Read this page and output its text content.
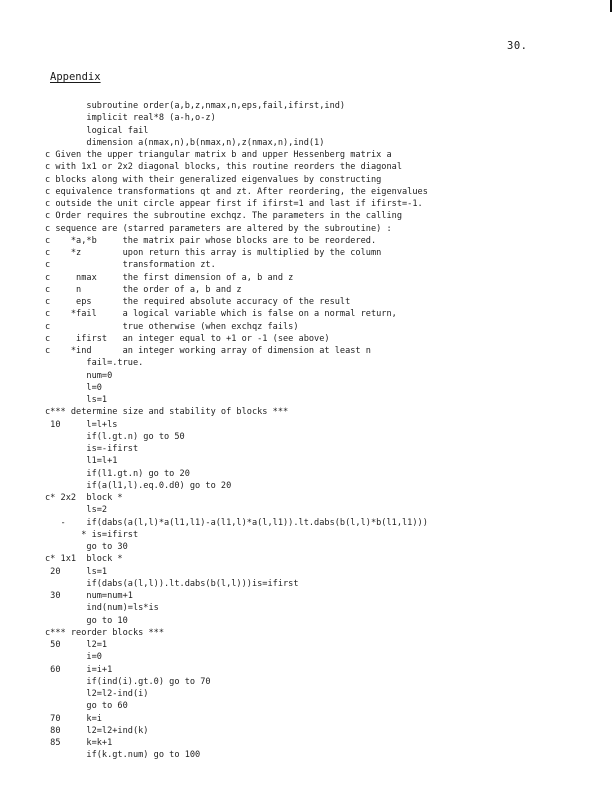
30.
Appendix
subroutine order(a,b,z,nmax,n,eps,fail,ifirst,ind)
implicit real*8 (a-h,o-z)
logical fail
dimension a(nmax,n),b(nmax,n),z(nmax,n),ind(1)
c Given the upper triangular matrix b and upper Hessenberg matrix a
c with 1x1 or 2x2 diagonal blocks, this routine reorders the diagonal
c blocks along with their generalized eigenvalues by constructing
c equivalence transformations qt and zt. After reordering, the eigenvalues
c outside the unit circle appear first if ifirst=1 and last if ifirst=-1.
c Order requires the subroutine exchqz. The parameters in the calling
c sequence are (starred parameters are altered by the subroutine) :
c    *a,*b     the matrix pair whose blocks are to be reordered.
c    *z        upon return this array is multiplied by the column
c              transformation zt.
c     nmax     the first dimension of a, b and z
c     n        the order of a, b and z
c     eps      the required absolute accuracy of the result
c    *fail     a logical variable which is false on a normal return,
c              true otherwise (when exchqz fails)
c     ifirst   an integer equal to +1 or -1 (see above)
c    *ind      an integer working array of dimension at least n
fail=.true.
num=0
l=0
ls=1
c*** determine size and stability of blocks ***
10     l=l+ls
if(l.gt.n) go to 50
is=-ifirst
l1=l+1
if(l1.gt.n) go to 20
if(a(l1,l).eq.0.d0) go to 20
c* 2x2  block *
ls=2
-    if(dabs(a(l,l)*a(l1,l1)-a(l1,l)*a(l,l1)).lt.dabs(b(l,l)*b(l1,l1)))
* is=ifirst
go to 30
c* 1x1  block *
20     ls=1
if(dabs(a(l,l)).lt.dabs(b(l,l)))is=ifirst
30     num=num+1
ind(num)=ls*is
go to 10
c*** reorder blocks ***
50     l2=1
i=0
60     i=i+1
if(ind(i).gt.0) go to 70
l2=l2-ind(i)
go to 60
70     k=i
80     l2=l2+ind(k)
85     k=k+1
if(k.gt.num) go to 100
